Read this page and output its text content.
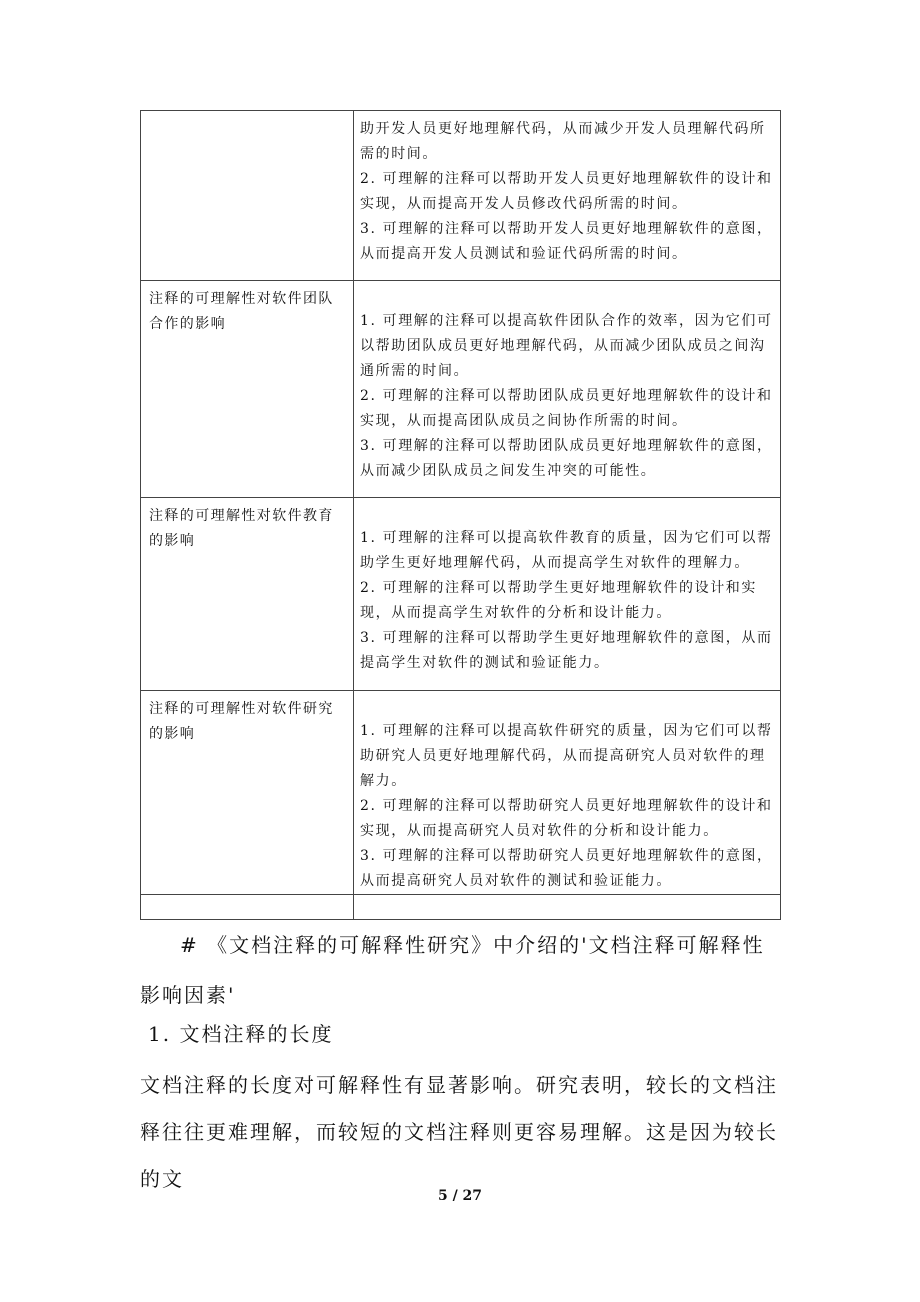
	助开发人员更好地理解代码，从而减少开发人员理解代码所需的时间。

2. 可理解的注释可以帮助开发人员更好地理解软件的设计和实现，从而提高开发人员修改代码所需的时间。

3. 可理解的注释可以帮助开发人员更好地理解软件的意图，从而提高开发人员测试和验证代码所需的时间。

注释的可理解性对软件团队合作的影响	1. 可理解的注释可以提高软件团队合作的效率，因为它们可以帮助团队成员更好地理解代码，从而减少团队成员之间沟通所需的时间。

2. 可理解的注释可以帮助团队成员更好地理解软件的设计和实现，从而提高团队成员之间协作所需的时间。

3. 可理解的注释可以帮助团队成员更好地理解软件的意图，从而减少团队成员之间发生冲突的可能性。

注释的可理解性对软件教育的影响	1. 可理解的注释可以提高软件教育的质量，因为它们可以帮助学生更好地理解代码，从而提高学生对软件的理解力。

2. 可理解的注释可以帮助学生更好地理解软件的设计和实现，从而提高学生对软件的分析和设计能力。

3. 可理解的注释可以帮助学生更好地理解软件的意图，从而提高学生对软件的测试和验证能力。

注释的可理解性对软件研究的影响	1. 可理解的注释可以提高软件研究的质量，因为它们可以帮助研究人员更好地理解代码，从而提高研究人员对软件的理解力。

2. 可理解的注释可以帮助研究人员更好地理解软件的设计和实现，从而提高研究人员对软件的分析和设计能力。

3. 可理解的注释可以帮助研究人员更好地理解软件的意图，从而提高研究人员对软件的测试和验证能力。

# 《文档注释的可解释性研究》中介绍的'文档注释可解释性影响因素'
1. 文档注释的长度
文档注释的长度对可解释性有显著影响。研究表明，较长的文档注释往往更难理解，而较短的文档注释则更容易理解。这是因为较长的文
5 / 27
